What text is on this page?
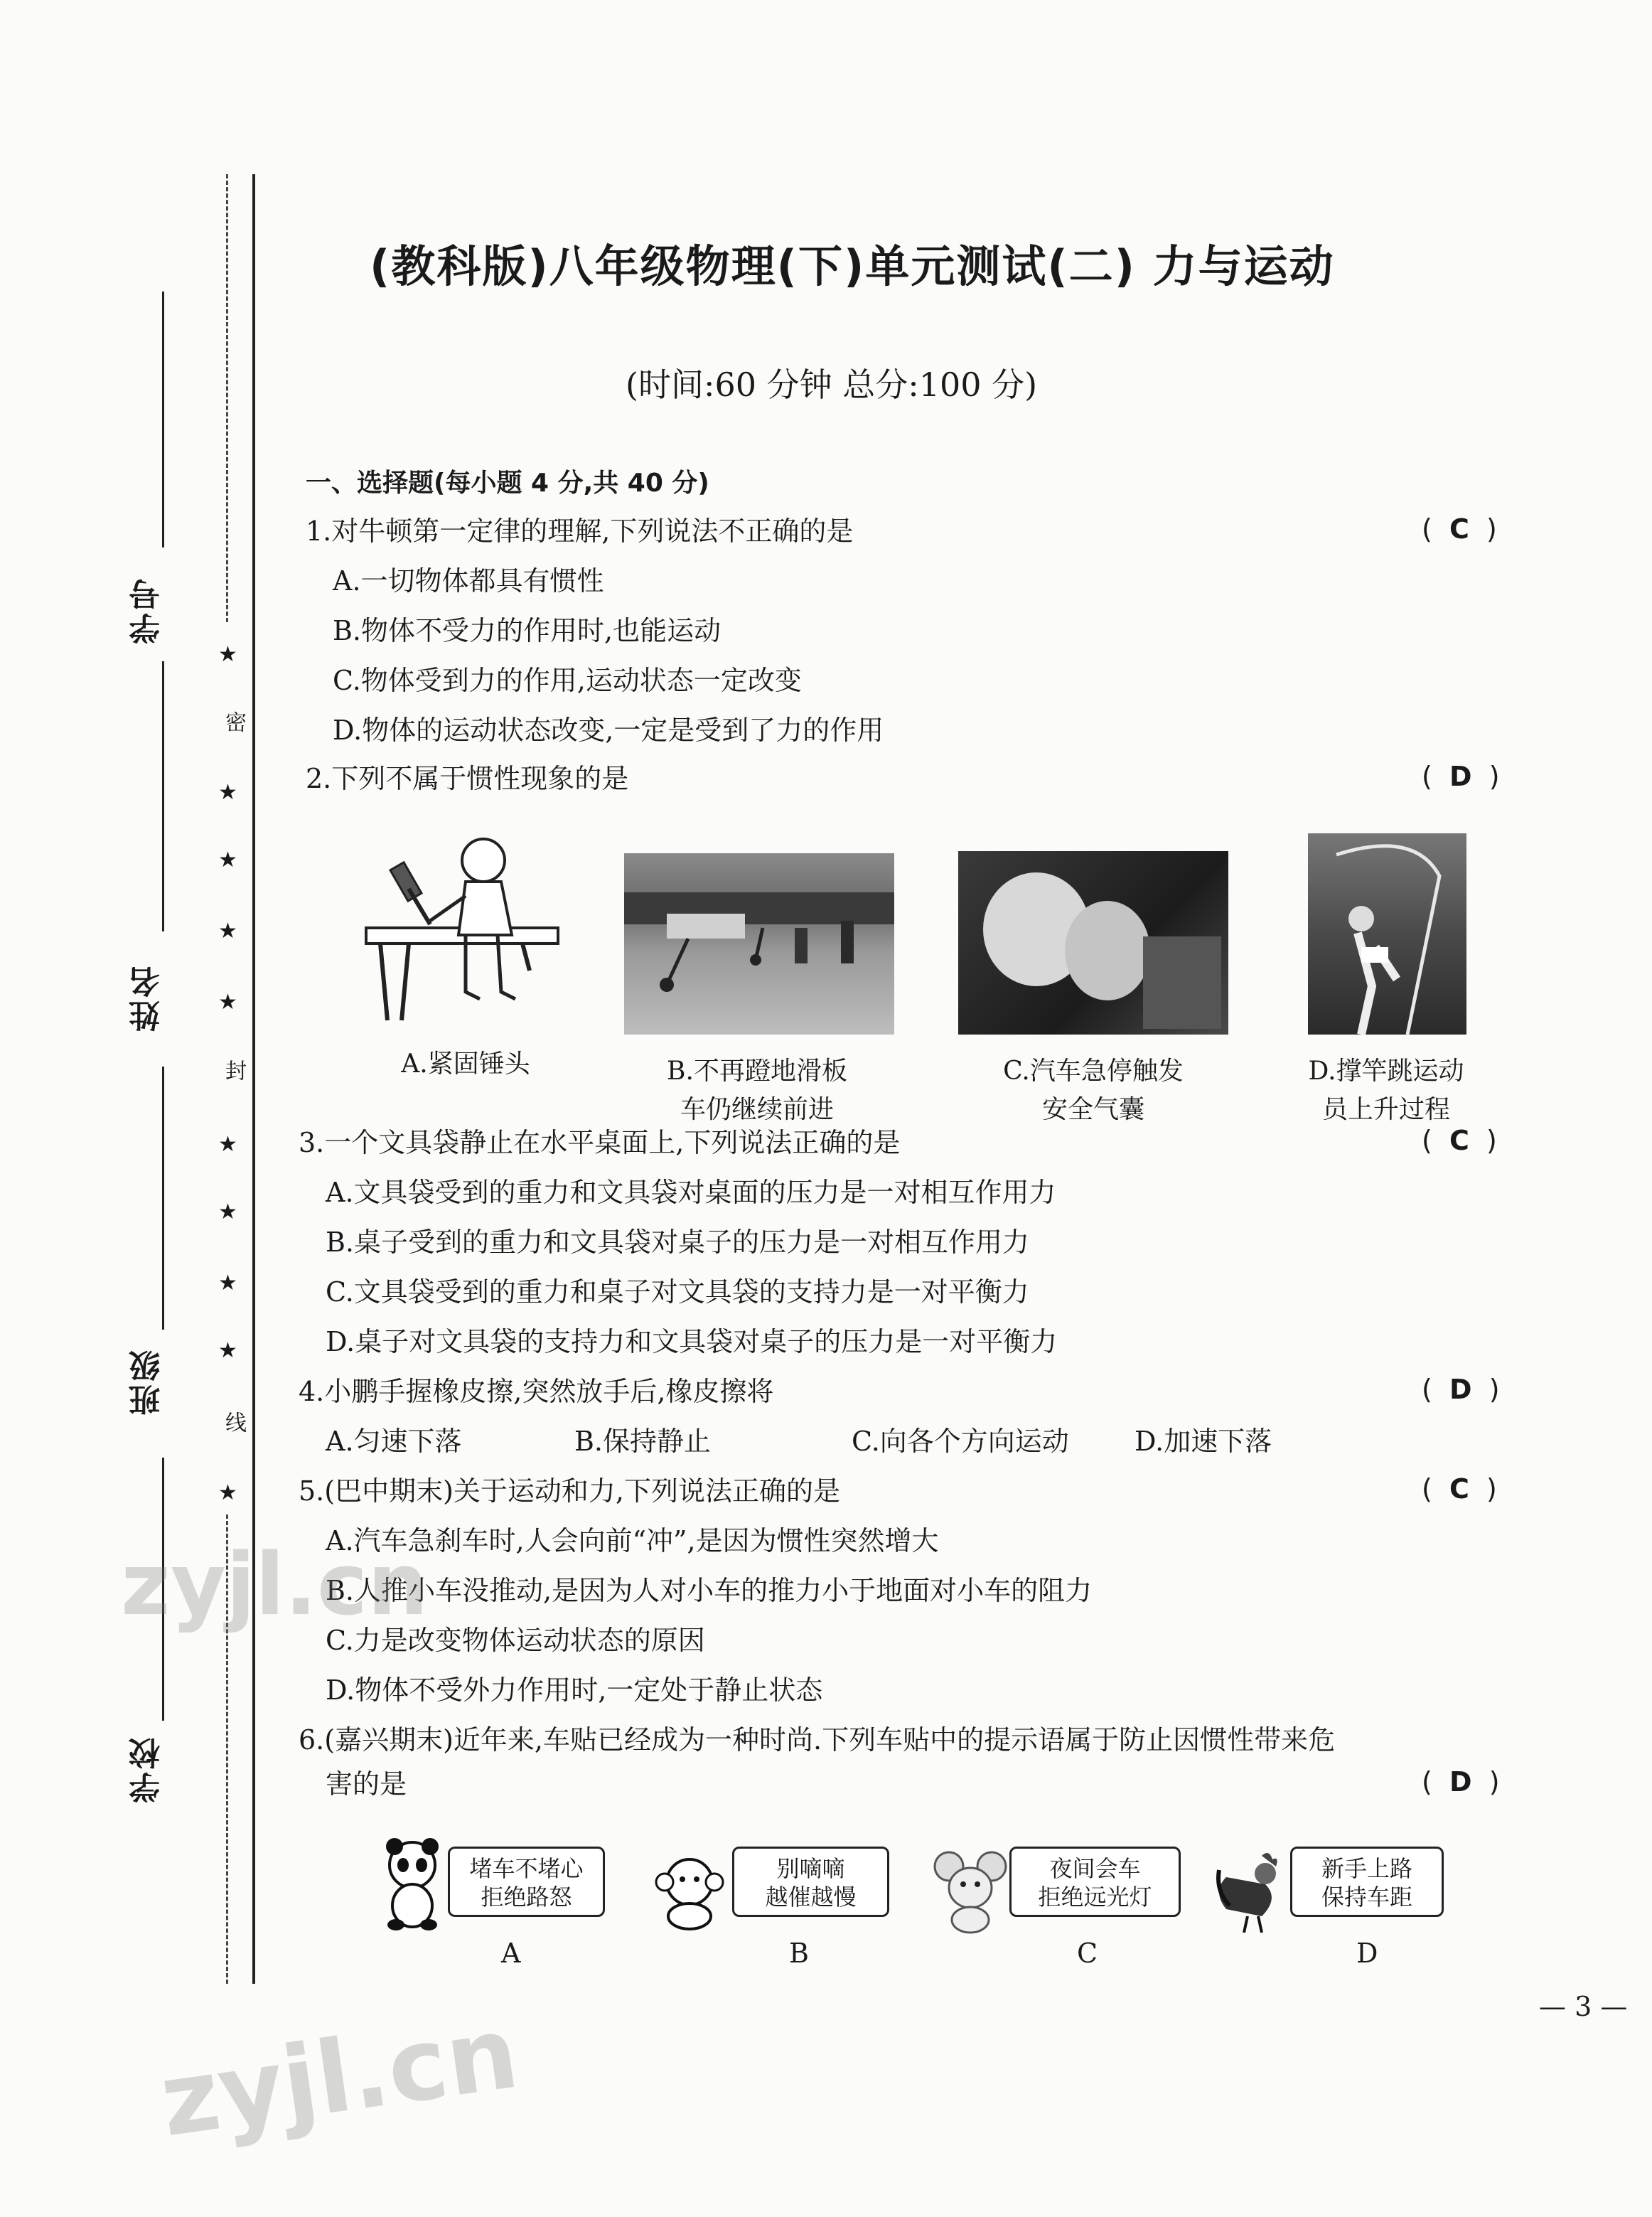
学号
姓名
班级
学校
★
密
★
★
★
★
封
★
★
★
★
线
★
(教科版)八年级物理(下)单元测试(二) 力与运动
(时间:60 分钟 总分:100 分)
一、选择题(每小题 4 分,共 40 分)
1.对牛顿第一定律的理解,下列说法不正确的是	(  C  )
A.一切物体都具有惯性
B.物体不受力的作用时,也能运动
C.物体受到力的作用,运动状态一定改变
D.物体的运动状态改变,一定是受到了力的作用
2.下列不属于惯性现象的是	(  D  )
A.紧固锤头	B.不再蹬地滑板
车仍继续前进
C.汽车急停触发
安全气囊
D.撑竿跳运动
员上升过程
3.一个文具袋静止在水平桌面上,下列说法正确的是	(  C  )
A.文具袋受到的重力和文具袋对桌面的压力是一对相互作用力
B.桌子受到的重力和文具袋对桌子的压力是一对相互作用力
C.文具袋受到的重力和桌子对文具袋的支持力是一对平衡力
D.桌子对文具袋的支持力和文具袋对桌子的压力是一对平衡力
4.小鹏手握橡皮擦,突然放手后,橡皮擦将	(  D  )
A.匀速下落	B.保持静止	C.向各个方向运动 D.加速下落
5.(巴中期末)关于运动和力,下列说法正确的是	(  C  )
A.汽车急刹车时,人会向前“冲”,是因为惯性突然增大
B.人推小车没推动,是因为人对小车的推力小于地面对小车的阻力
C.力是改变物体运动状态的原因
D.物体不受外力作用时,一定处于静止状态
6.(嘉兴期末)近年来,车贴已经成为一种时尚.下列车贴中的提示语属于防止因惯性带来危
害的是	(  D  )
堵车不堵心
拒绝路怒
A
别嘀嘀
越催越慢
B
夜间会车
拒绝远光灯
C
新手上路
保持车距
D
— 3 —
zyjl.cn
zyjl.cn
